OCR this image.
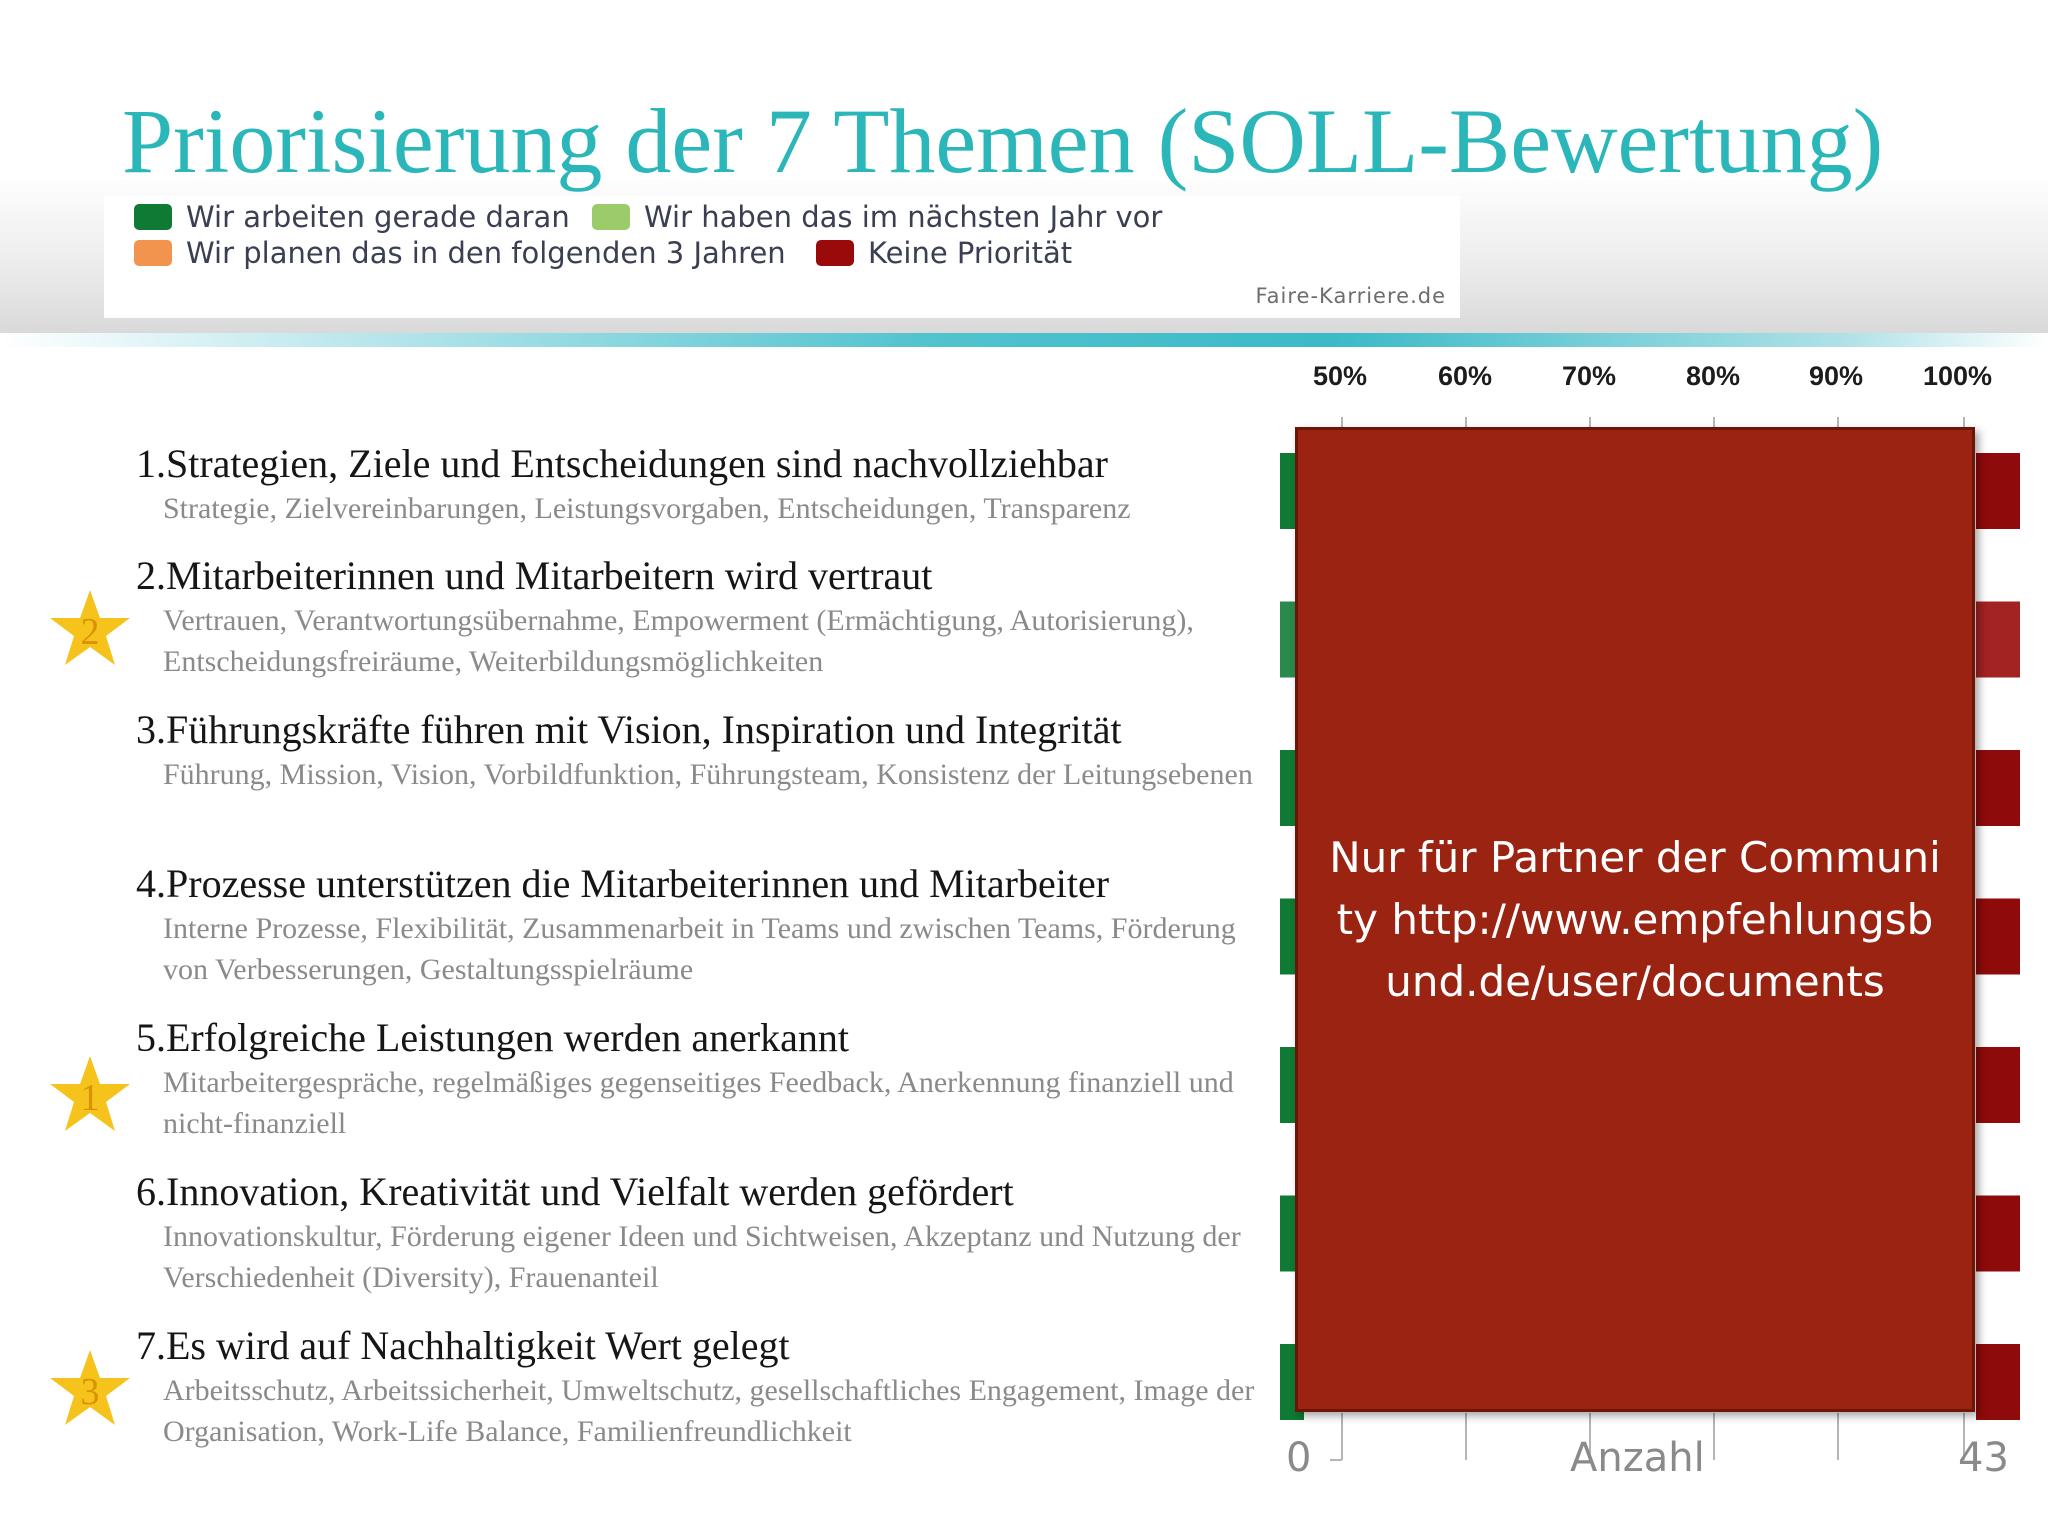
Priorisierung der 7 Themen (SOLL-Bewertung)
Wir arbeiten gerade daran	Wir haben das im nächsten Jahr vor
Wir planen das in den folgenden 3 Jahren	Keine Priorität
Faire-Karriere.de
1.Strategien, Ziele und Entscheidungen sind nachvollziehbar
Strategie, Zielvereinbarungen, Leistungsvorgaben, Entscheidungen, Transparenz
2.Mitarbeiterinnen und Mitarbeitern wird vertraut
Vertrauen, Verantwortungsübernahme, Empowerment (Ermächtigung, Autorisierung), Entscheidungsfreiräume, Weiterbildungsmöglichkeiten
3.Führungskräfte führen mit Vision, Inspiration und Integrität
Führung, Mission, Vision, Vorbildfunktion, Führungsteam, Konsistenz der Leitungsebenen
4.Prozesse unterstützen die Mitarbeiterinnen und Mitarbeiter
Interne Prozesse, Flexibilität, Zusammenarbeit in Teams und zwischen Teams, Förderung von Verbesserungen, Gestaltungsspielräume
5.Erfolgreiche Leistungen werden anerkannt
Mitarbeitergespräche, regelmäßiges gegenseitiges Feedback, Anerkennung finanziell und nicht-finanziell
6.Innovation, Kreativität und Vielfalt werden gefördert
Innovationskultur, Förderung eigener Ideen und Sichtweisen, Akzeptanz und Nutzung der Verschiedenheit (Diversity), Frauenanteil
7.Es wird auf Nachhaltigkeit Wert gelegt
Arbeitsschutz, Arbeitssicherheit, Umweltschutz, gesellschaftliches Engagement, Image der Organisation, Work-Life Balance, Familienfreundlichkeit
2
1
3
50%	60%	70%	80%	90% 100%
0	Anzahl	43
Nur für Partner der Community http://www.empfehlungsbund.de/user/documents
